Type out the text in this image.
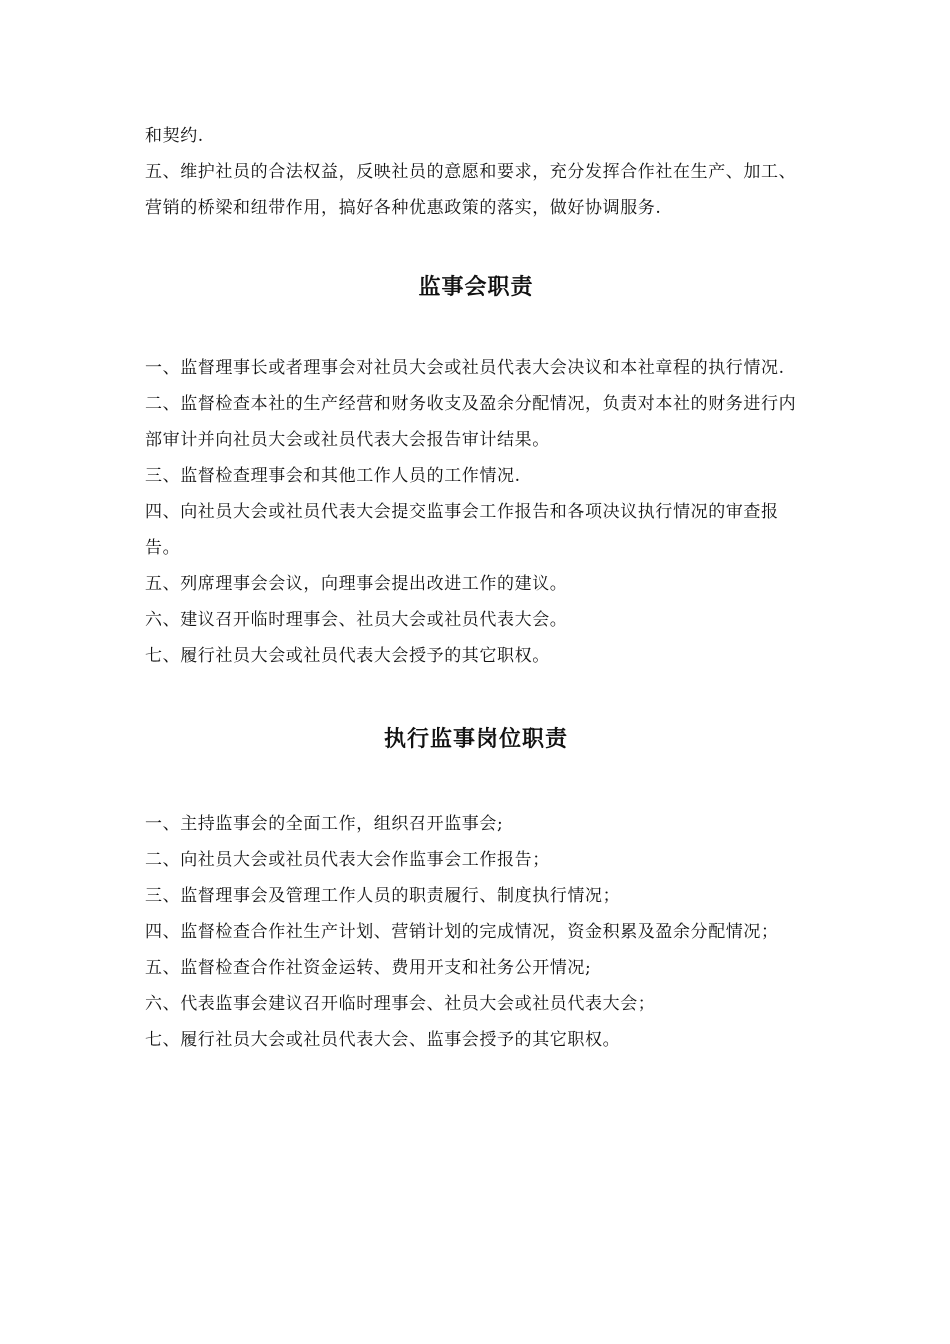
和契约.

五、维护社员的合法权益，反映社员的意愿和要求，充分发挥合作社在生产、加工、营销的桥梁和纽带作用，搞好各种优惠政策的落实，做好协调服务.

监事会职责

一、监督理事长或者理事会对社员大会或社员代表大会决议和本社章程的执行情况.

二、监督检查本社的生产经营和财务收支及盈余分配情况，负责对本社的财务进行内部审计并向社员大会或社员代表大会报告审计结果。

三、监督检查理事会和其他工作人员的工作情况.

四、向社员大会或社员代表大会提交监事会工作报告和各项决议执行情况的审查报告。

五、列席理事会会议，向理事会提出改进工作的建议。

六、建议召开临时理事会、社员大会或社员代表大会。

七、履行社员大会或社员代表大会授予的其它职权。

执行监事岗位职责

一、主持监事会的全面工作，组织召开监事会;

二、向社员大会或社员代表大会作监事会工作报告；

三、监督理事会及管理工作人员的职责履行、制度执行情况；

四、监督检查合作社生产计划、营销计划的完成情况，资金积累及盈余分配情况；

五、监督检查合作社资金运转、费用开支和社务公开情况;

六、代表监事会建议召开临时理事会、社员大会或社员代表大会；

七、履行社员大会或社员代表大会、监事会授予的其它职权。
